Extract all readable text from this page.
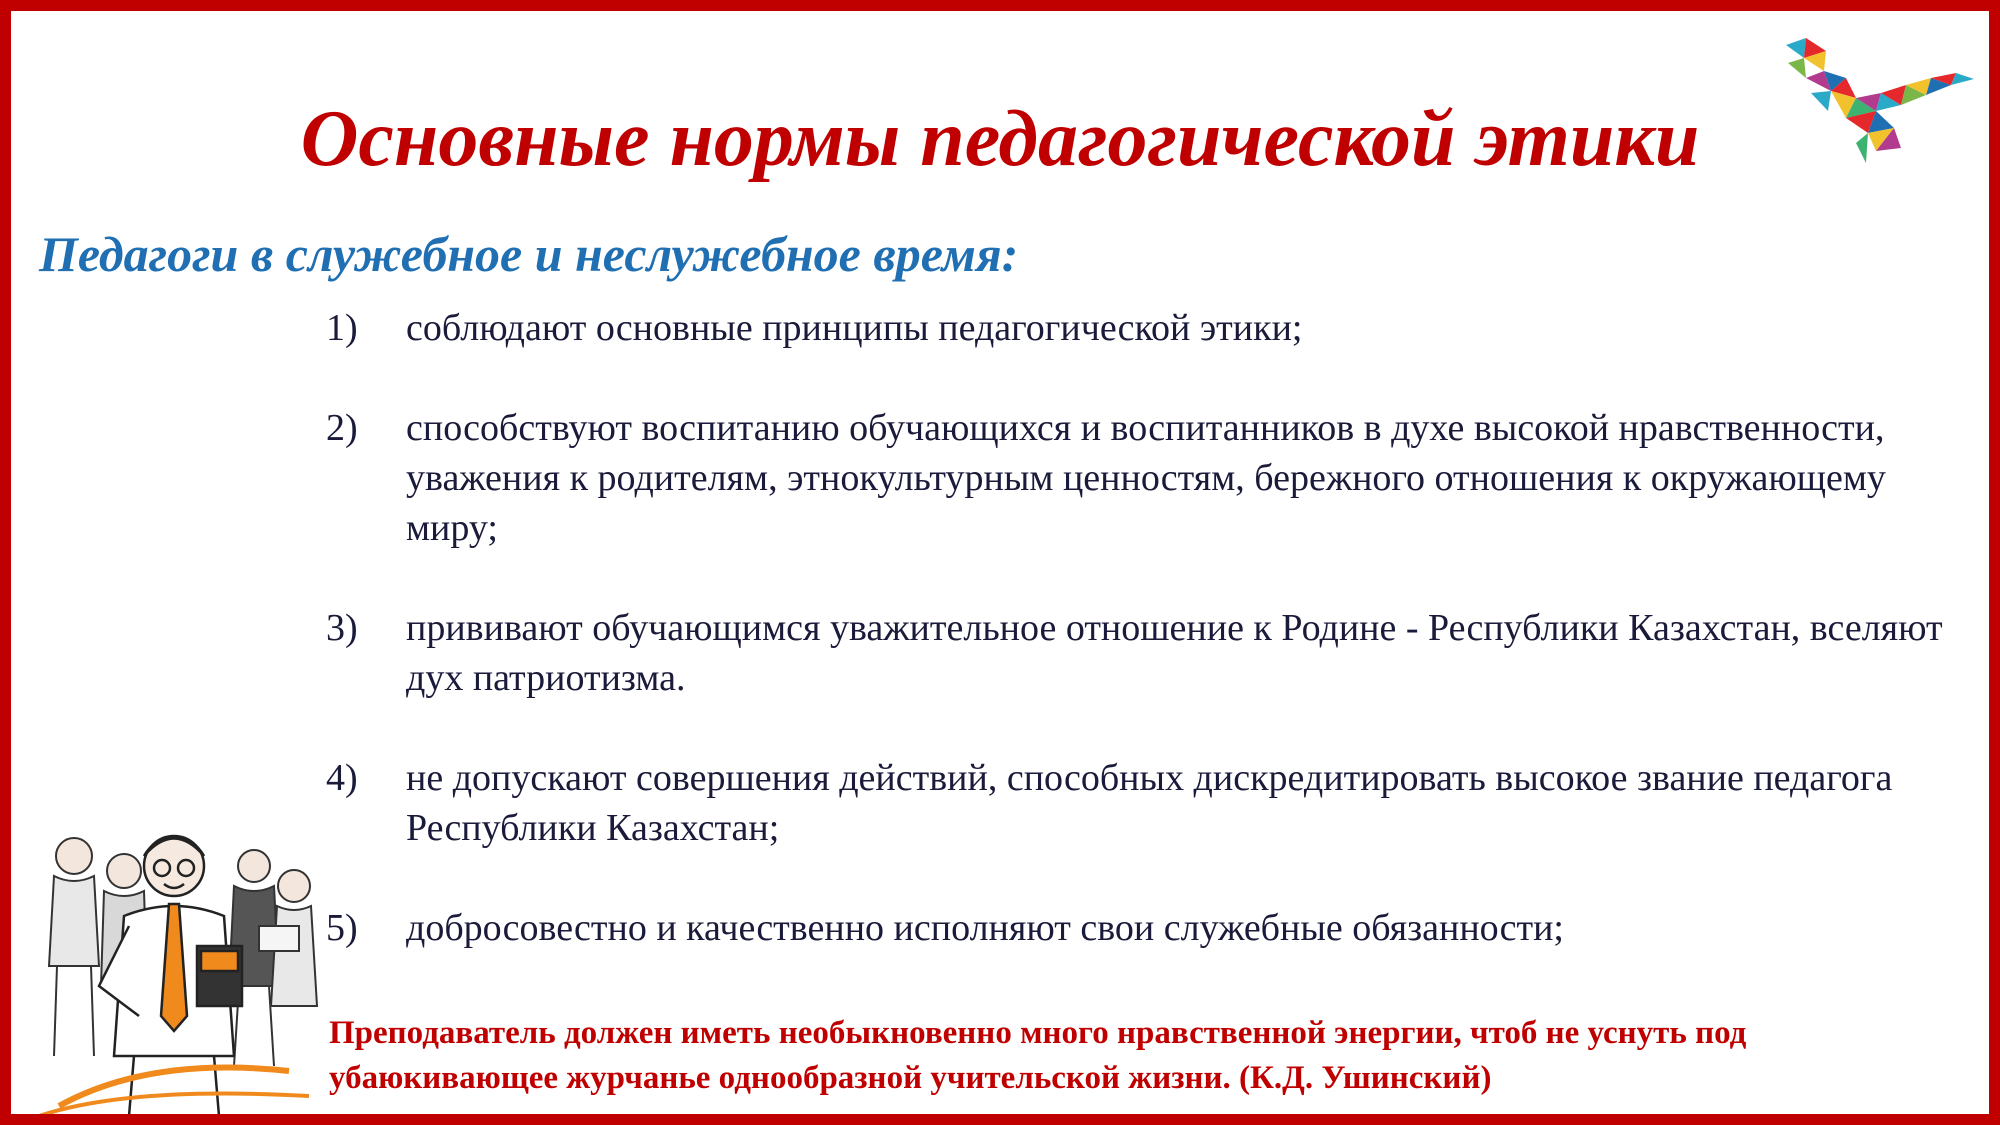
Основные нормы педагогической этики
Педагоги в служебное и неслужебное время:
1)	соблюдают основные принципы педагогической этики;
2)	способствуют воспитанию обучающихся и воспитанников в духе высокой нравственности, уважения к родителям, этнокультурным ценностям, бережного отношения к окружающему миру;
3)	прививают обучающимся уважительное отношение к Родине - Республики Казахстан, вселяют дух патриотизма.
4)	не допускают совершения действий, способных дискредитировать высокое звание педагога Республики Казахстан;
5)	добросовестно и качественно исполняют свои служебные обязанности;
Преподаватель должен иметь необыкновенно много нравственной энергии, чтоб не уснуть под убаюкивающее журчанье однообразной учительской жизни. (К.Д. Ушинский)
